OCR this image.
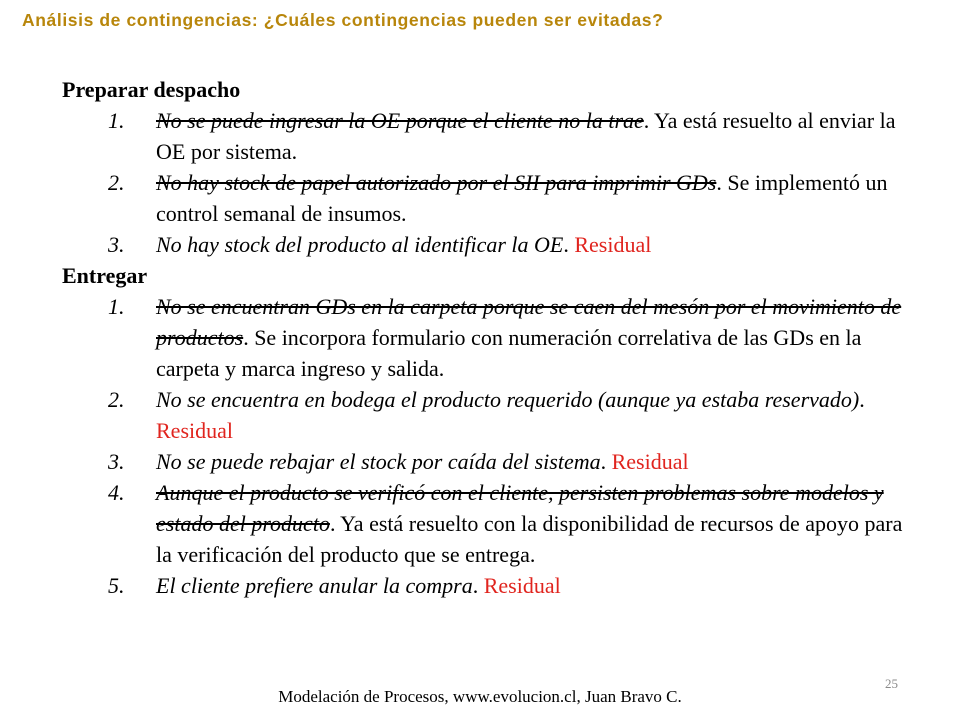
Análisis de contingencias: ¿Cuáles contingencias pueden ser evitadas?

Preparar despacho

1. No se puede ingresar la OE porque el cliente no la trae. Ya está resuelto al enviar la OE por sistema.
2. No hay stock de papel autorizado por el SII para imprimir GDs. Se implementó un control semanal de insumos.
3. No hay stock del producto al identificar la OE. Residual

Entregar

1. No se encuentran GDs en la carpeta porque se caen del mesón por el movimiento de productos. Se incorpora formulario con numeración correlativa de las GDs en la carpeta y marca ingreso y salida.
2. No se encuentra en bodega el producto requerido (aunque ya estaba reservado). Residual
3. No se puede rebajar el stock por caída del sistema. Residual
4. Aunque el producto se verificó con el cliente, persisten problemas sobre modelos y estado del producto. Ya está resuelto con la disponibilidad de recursos de apoyo para la verificación del producto que se entrega.
5. El cliente prefiere anular la compra. Residual
25
Modelación de Procesos, www.evolucion.cl, Juan Bravo C.
